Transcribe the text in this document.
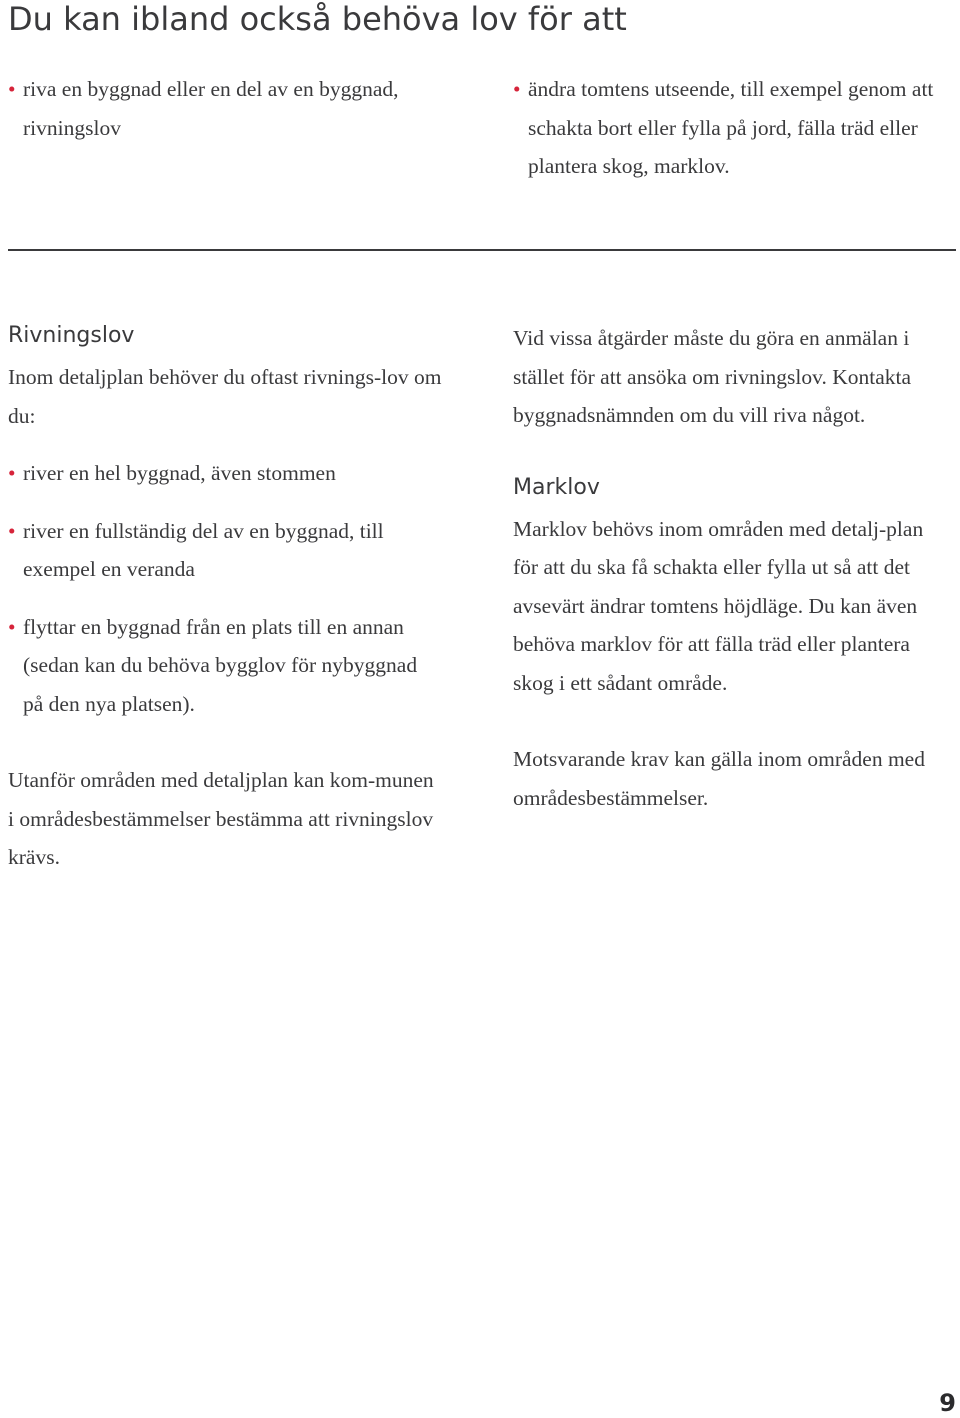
Du kan ibland också behöva lov för att
• riva en byggnad eller en del av en byggnad, rivningslov
• ändra tomtens utseende, till exempel genom att schakta bort eller fylla på jord, fälla träd eller plantera skog, marklov.
Rivningslov

Inom detaljplan behöver du oftast rivnings-lov om du:

• river en hel byggnad, även stommen
• river en fullständig del av en byggnad, till exempel en veranda
• flyttar en byggnad från en plats till en annan (sedan kan du behöva bygglov för nybyggnad på den nya platsen).

Utanför områden med detaljplan kan kom-munen i områdesbestämmelser bestämma att rivningslov krävs.

Vid vissa åtgärder måste du göra en anmälan i stället för att ansöka om rivningslov. Kontakta byggnadsnämnden om du vill riva något.

Marklov

Marklov behövs inom områden med detalj-plan för att du ska få schakta eller fylla ut så att det avsevärt ändrar tomtens höjdläge. Du kan även behöva marklov för att fälla träd eller plantera skog i ett sådant område.

Motsvarande krav kan gälla inom områden med områdesbestämmelser.

9
